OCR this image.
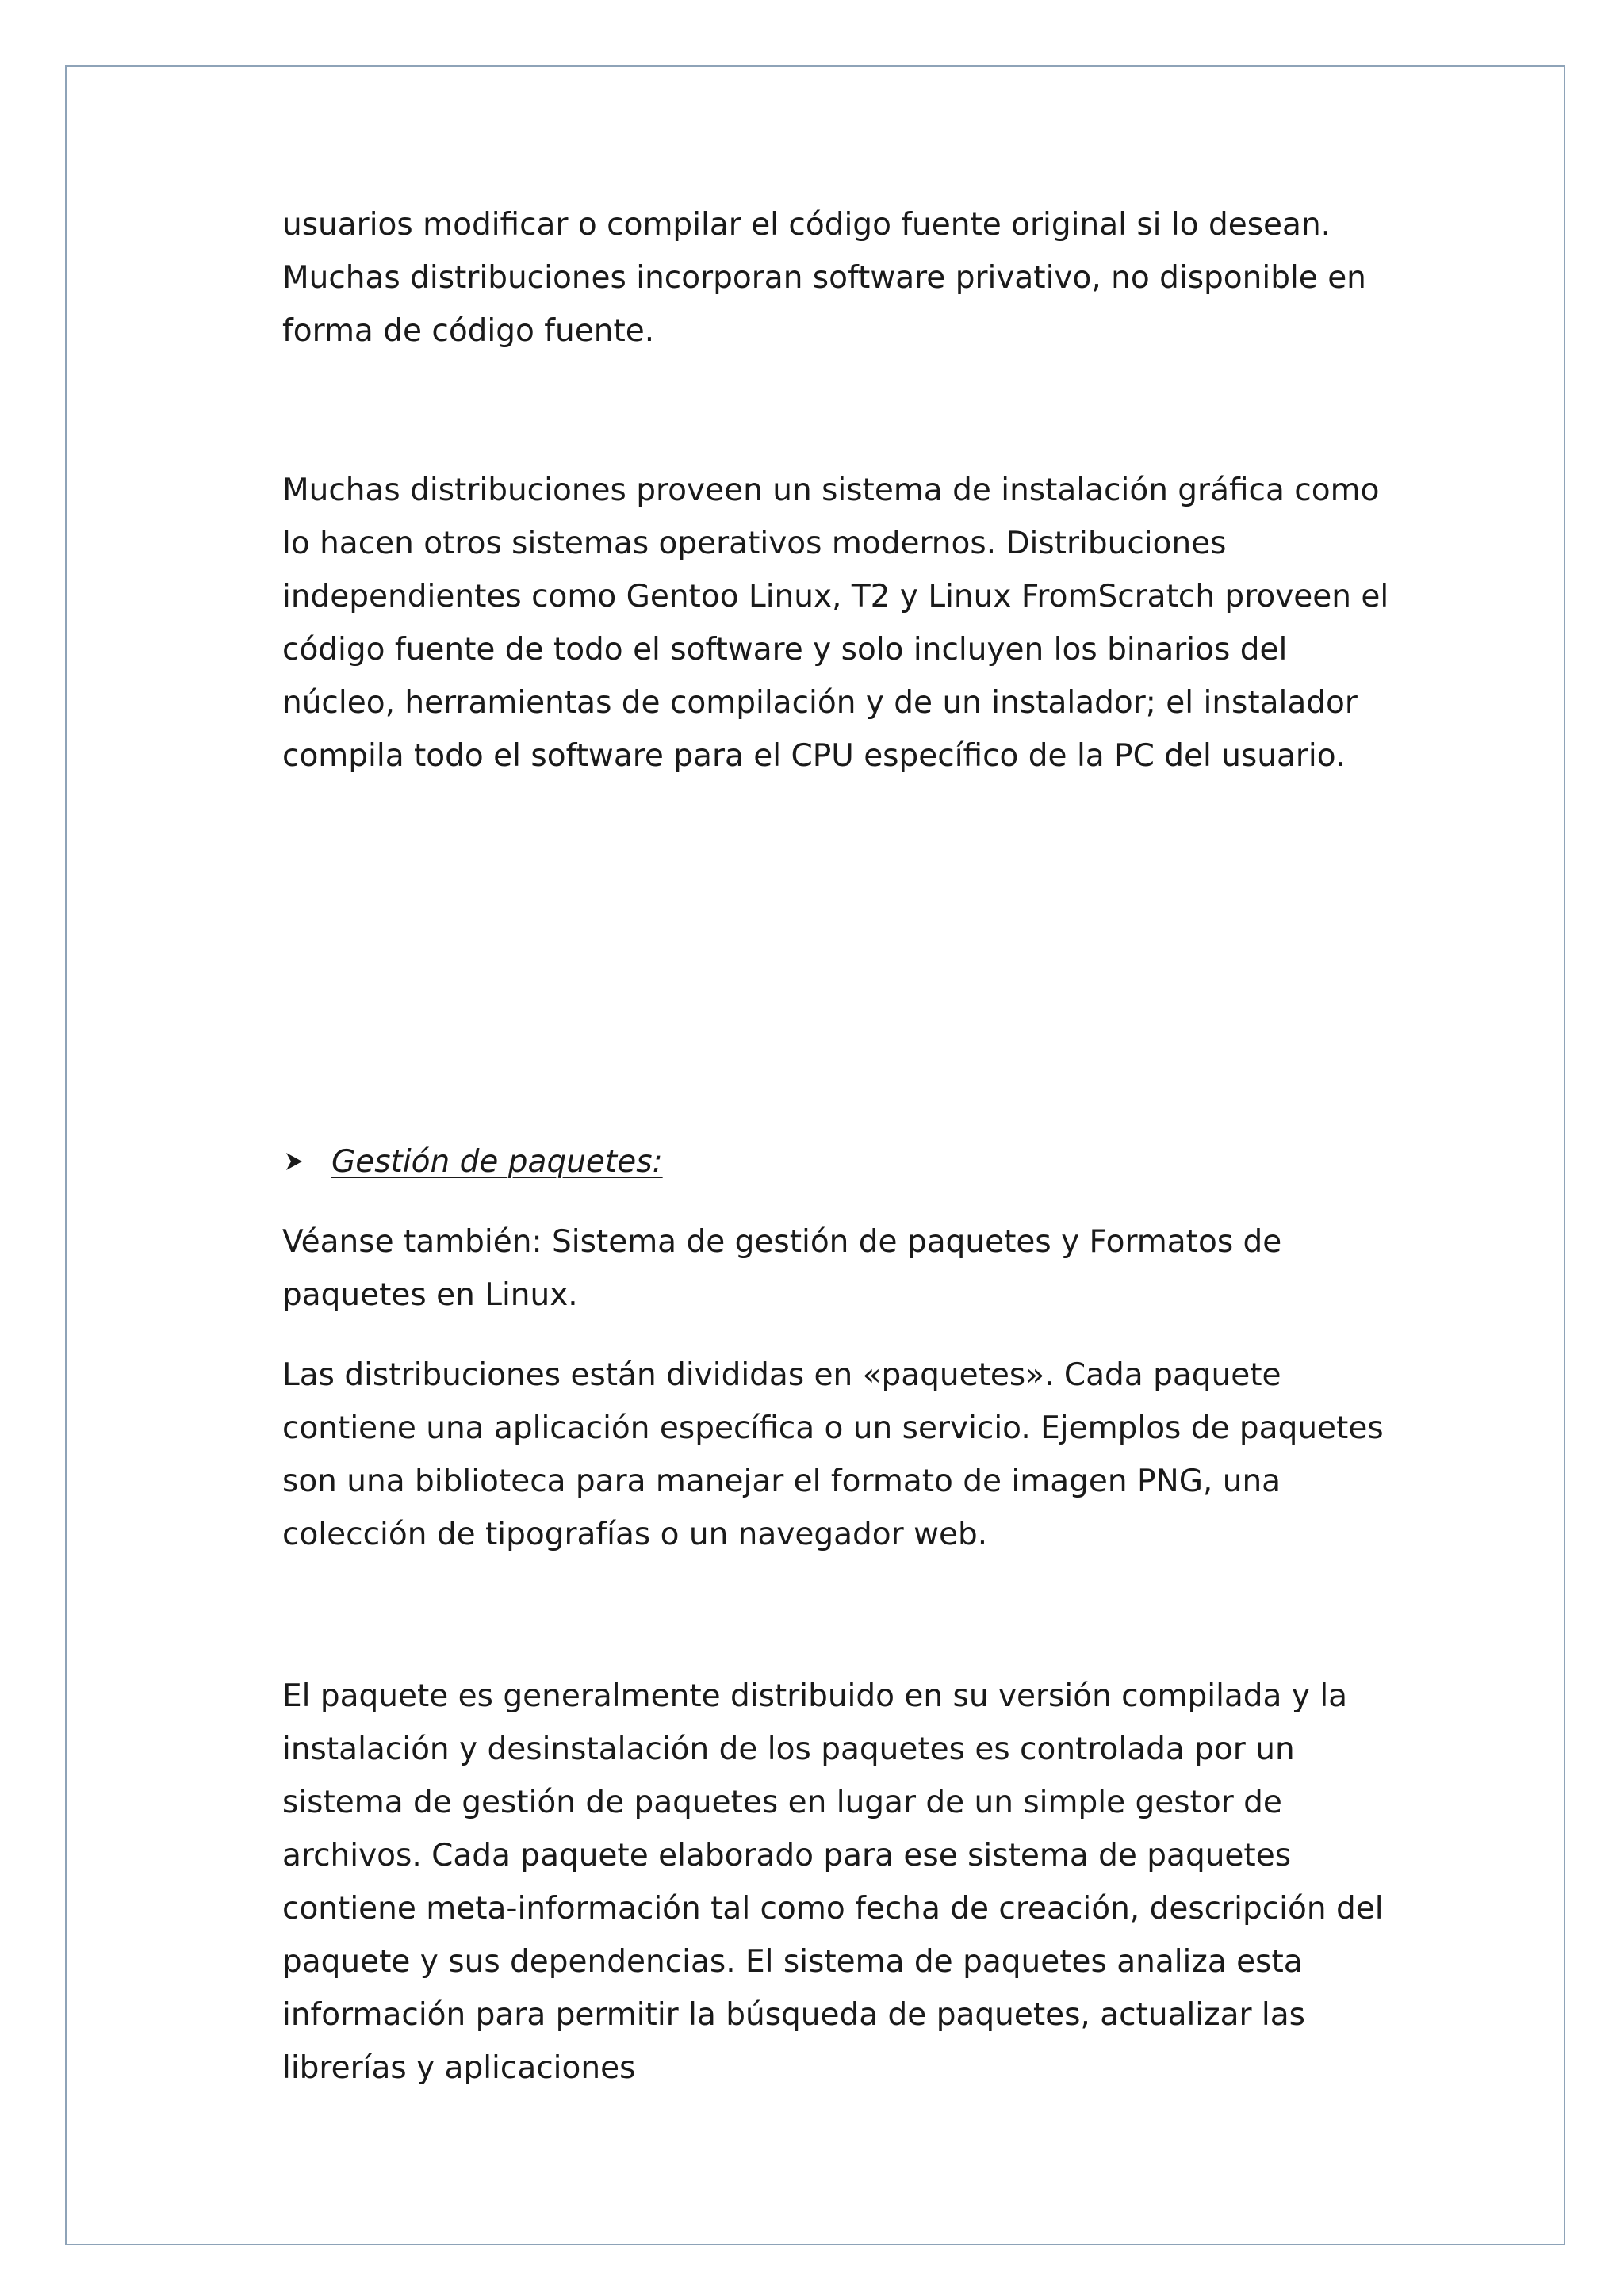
usuarios modificar o compilar el código fuente original si lo desean. Muchas distribuciones incorporan software privativo, no disponible en forma de código fuente.

Muchas distribuciones proveen un sistema de instalación gráfica como lo hacen otros sistemas operativos modernos. Distribuciones independientes como Gentoo Linux, T2 y Linux FromScratch proveen el código fuente de todo el software y solo incluyen los binarios del núcleo, herramientas de compilación y de un instalador; el instalador compila todo el software para el CPU específico de la PC del usuario.

Gestión de paquetes:

Véanse también: Sistema de gestión de paquetes y Formatos de paquetes en Linux.

Las distribuciones están divididas en «paquetes». Cada paquete contiene una aplicación específica o un servicio. Ejemplos de paquetes son una biblioteca para manejar el formato de imagen PNG, una colección de tipografías o un navegador web.

El paquete es generalmente distribuido en su versión compilada y la instalación y desinstalación de los paquetes es controlada por un sistema de gestión de paquetes en lugar de un simple gestor de archivos. Cada paquete elaborado para ese sistema de paquetes contiene meta-información tal como fecha de creación, descripción del paquete y sus dependencias. El sistema de paquetes analiza esta información para permitir la búsqueda de paquetes, actualizar las librerías y aplicaciones
